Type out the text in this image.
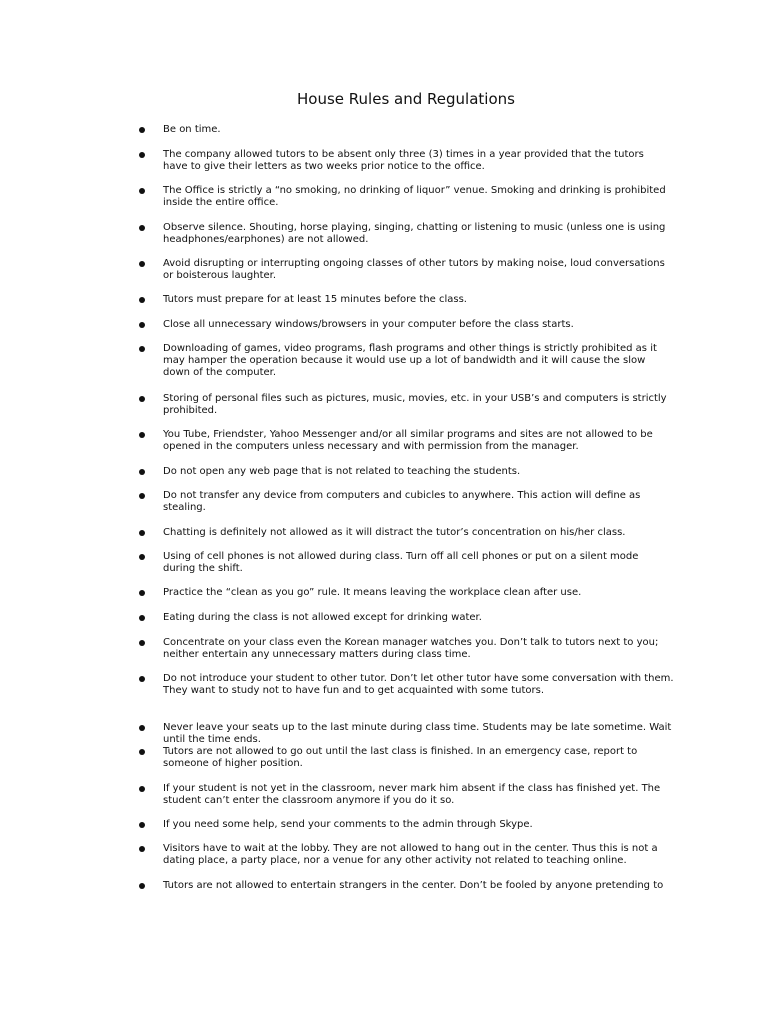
House Rules and Regulations
Be on time.
The company allowed tutors to be absent only three (3) times in a year provided that the tutors
have to give their letters as two weeks prior notice to the office.
The Office is strictly a “no smoking, no drinking of liquor” venue. Smoking and drinking is prohibited
inside the entire office.
Observe silence. Shouting, horse playing, singing, chatting or listening to music (unless one is using
headphones/earphones) are not allowed.
Avoid disrupting or interrupting ongoing classes of other tutors by making noise, loud conversations
or boisterous laughter.
Tutors must prepare for at least 15 minutes before the class.
Close all unnecessary windows/browsers in your computer before the class starts.
Downloading of games, video programs, flash programs and other things is strictly prohibited as it
may hamper the operation because it would use up a lot of bandwidth and it will cause the slow
down of the computer.
Storing of personal files such as pictures, music, movies, etc. in your USB’s and computers is strictly
prohibited.
You Tube, Friendster, Yahoo Messenger and/or all similar programs and sites are not allowed to be
opened in the computers unless necessary and with permission from the manager.
Do not open any web page that is not related to teaching the students.
Do not transfer any device from computers and cubicles to anywhere. This action will define as
stealing.
Chatting is definitely not allowed as it will distract the tutor’s concentration on his/her class.
Using of cell phones is not allowed during class. Turn off all cell phones or put on a silent mode
during the shift.
Practice the “clean as you go” rule. It means leaving the workplace clean after use.
Eating during the class is not allowed except for drinking water.
Concentrate on your class even the Korean manager watches you. Don’t talk to tutors next to you;
neither entertain any unnecessary matters during class time.
Do not introduce your student to other tutor. Don’t let other tutor have some conversation with them.
They want to study not to have fun and to get acquainted with some tutors.
Never leave your seats up to the last minute during class time. Students may be late sometime. Wait
until the time ends.
Tutors are not allowed to go out until the last class is finished. In an emergency case, report to
someone of higher position.
If your student is not yet in the classroom, never mark him absent if the class has finished yet. The
student can’t enter the classroom anymore if you do it so.
If you need some help, send your comments to the admin through Skype.
Visitors have to wait at the lobby. They are not allowed to hang out in the center. Thus this is not a
dating place, a party place, nor a venue for any other activity not related to teaching online.
Tutors are not allowed to entertain strangers in the center. Don’t be fooled by anyone pretending to
